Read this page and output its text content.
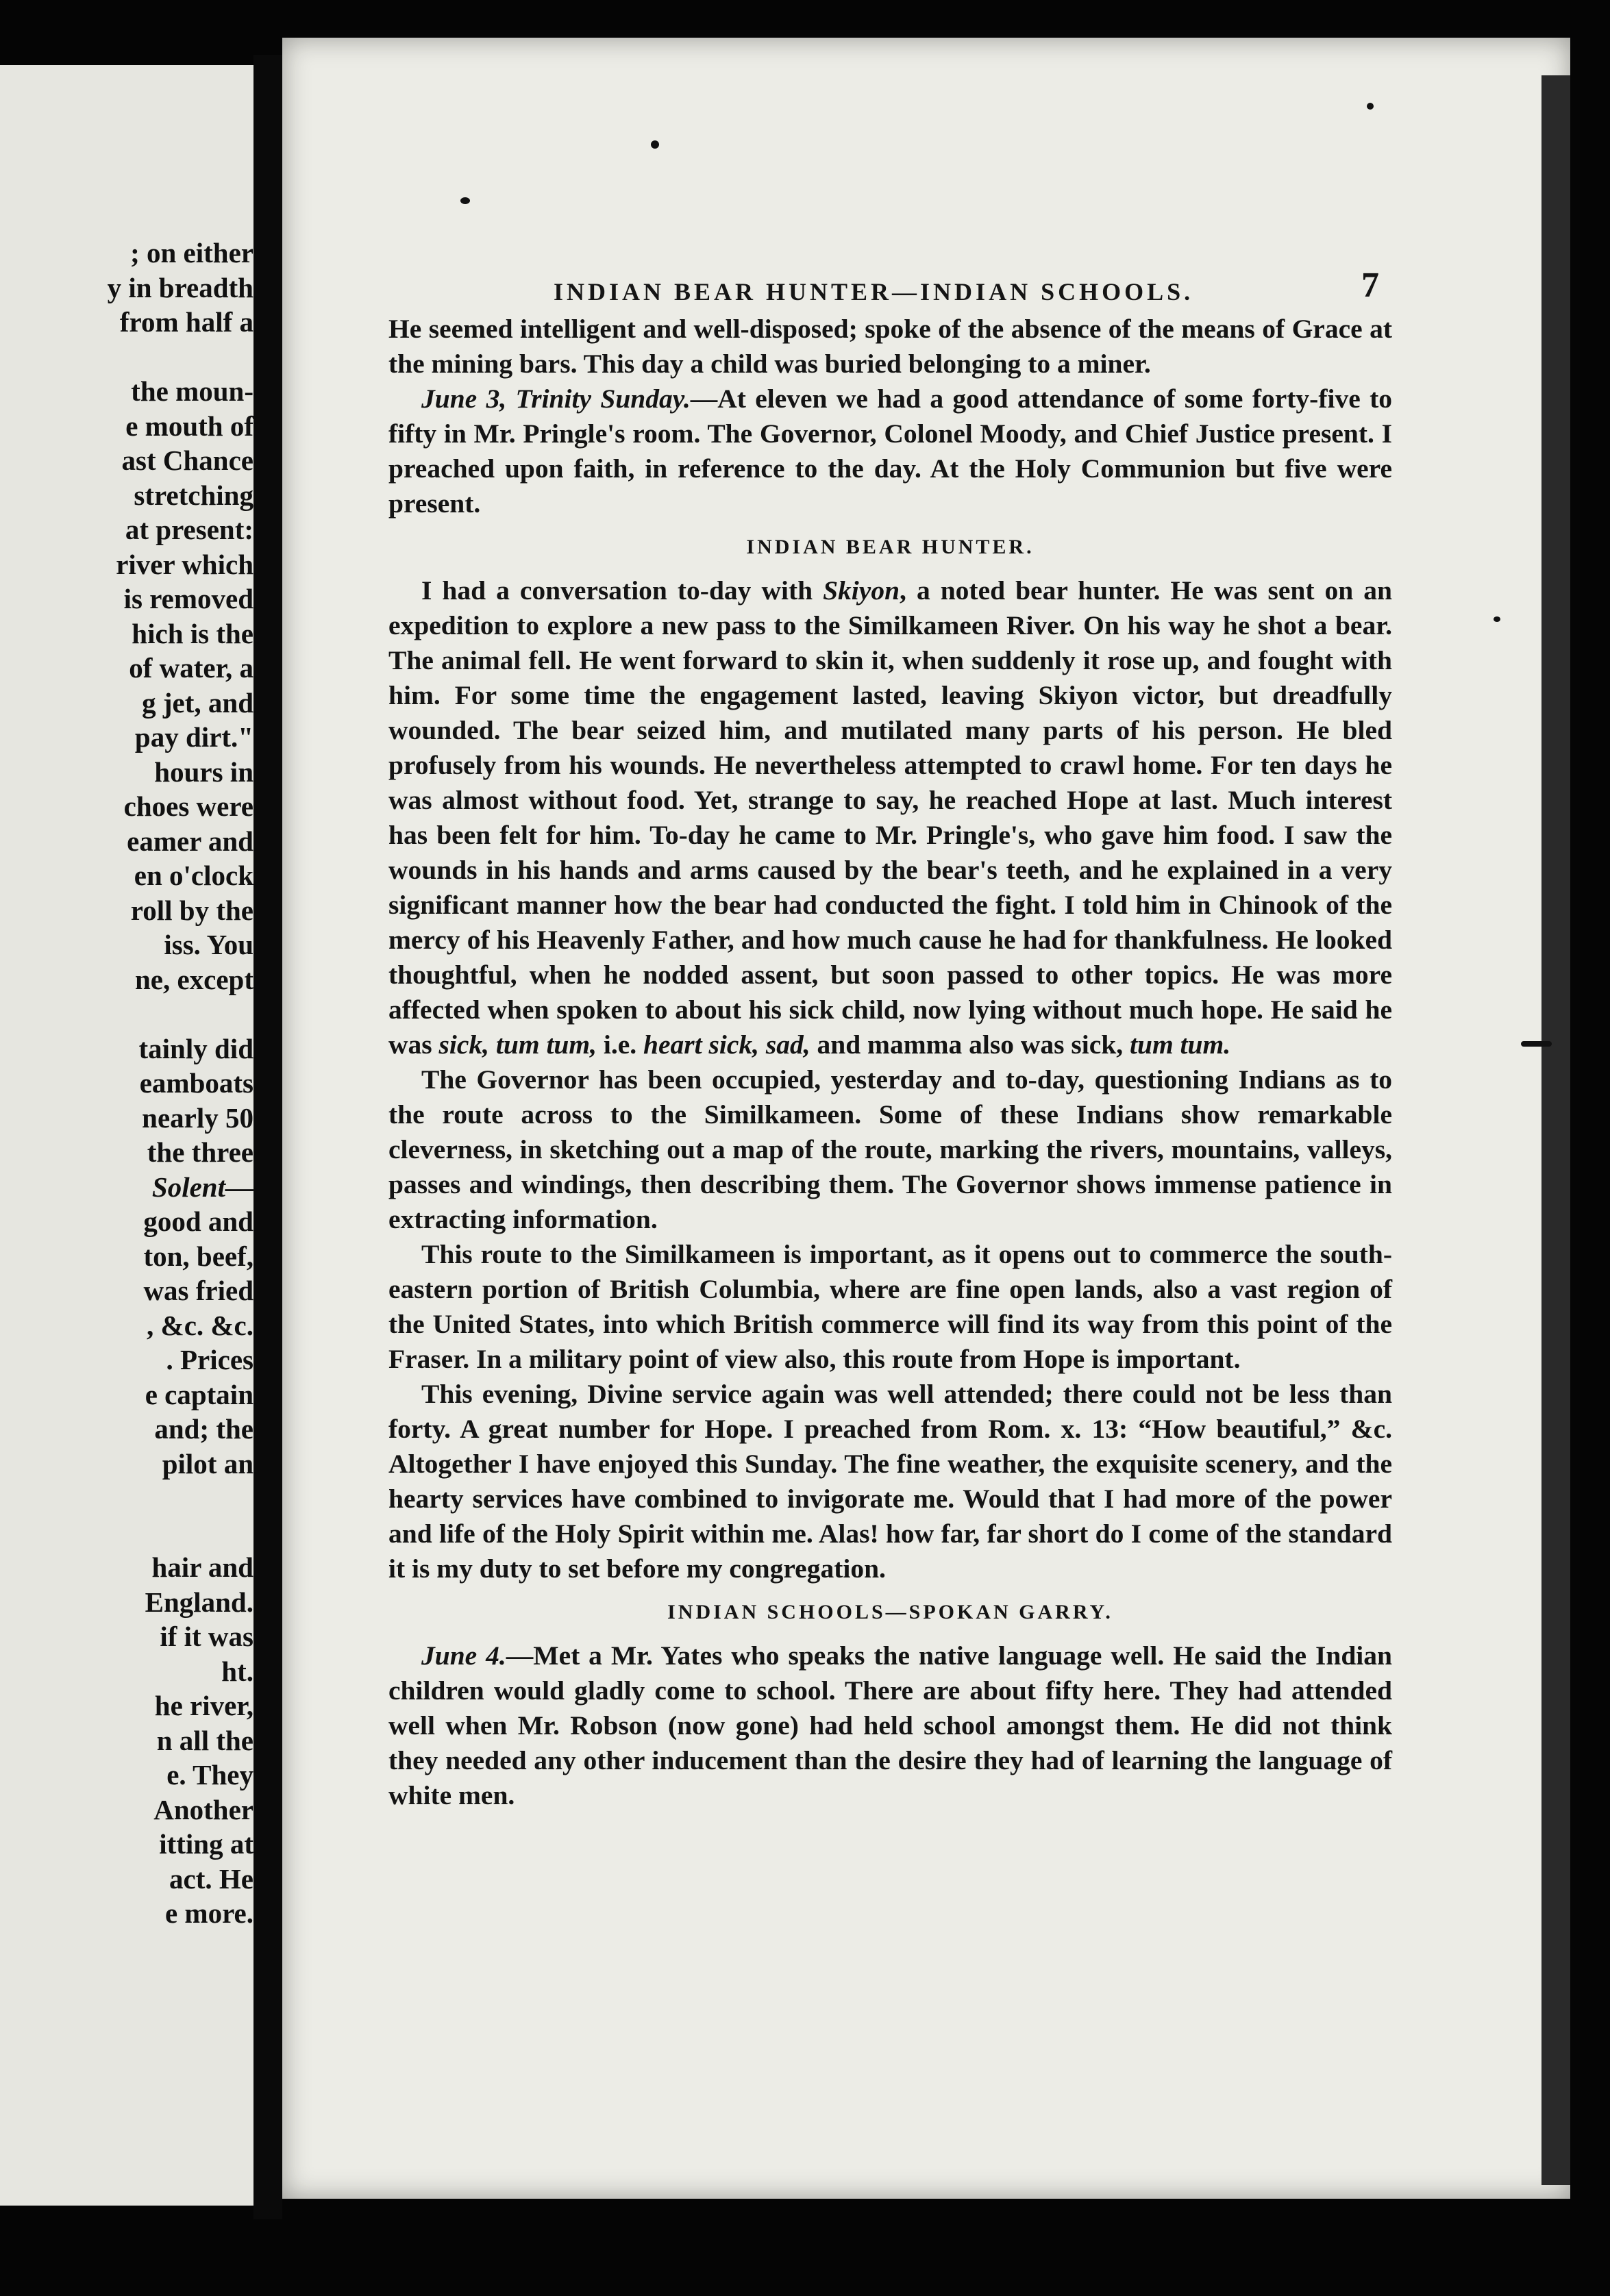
; on either
y in breadth
from half a
the moun-
e mouth of
ast Chance
stretching
at present:
river which
is removed
hich is the
of water, a
g jet, and
pay dirt."
hours in
choes were
eamer and
en o'clock
roll by the
iss. You
ne, except
tainly did
eamboats
nearly 50
the three
Solent—
good and
ton, beef,
was fried
, &c. &c.
. Prices
e captain
and; the
pilot an
hair and
England.
if it was
ht.
he river,
n all the
e. They
Another
itting at
act. He
e more.
INDIAN BEAR HUNTER—INDIAN SCHOOLS.	7

He seemed intelligent and well-disposed; spoke of the absence of the means of Grace at the mining bars. This day a child was buried belonging to a miner.

June 3, Trinity Sunday.—At eleven we had a good attendance of some forty-five to fifty in Mr. Pringle's room. The Governor, Colonel Moody, and Chief Justice present. I preached upon faith, in reference to the day. At the Holy Communion but five were present.

INDIAN BEAR HUNTER.

I had a conversation to-day with Skiyon, a noted bear hunter. He was sent on an expedition to explore a new pass to the Similkameen River. On his way he shot a bear. The animal fell. He went forward to skin it, when suddenly it rose up, and fought with him. For some time the engagement lasted, leaving Skiyon victor, but dreadfully wounded. The bear seized him, and mutilated many parts of his person. He bled profusely from his wounds. He nevertheless attempted to crawl home. For ten days he was almost without food. Yet, strange to say, he reached Hope at last. Much interest has been felt for him. To-day he came to Mr. Pringle's, who gave him food. I saw the wounds in his hands and arms caused by the bear's teeth, and he explained in a very significant manner how the bear had conducted the fight. I told him in Chinook of the mercy of his Heavenly Father, and how much cause he had for thankfulness. He looked thoughtful, when he nodded assent, but soon passed to other topics. He was more affected when spoken to about his sick child, now lying without much hope. He said he was sick, tum tum, i.e. heart sick, sad, and mamma also was sick, tum tum.

The Governor has been occupied, yesterday and to-day, questioning Indians as to the route across to the Similkameen. Some of these Indians show remarkable cleverness, in sketching out a map of the route, marking the rivers, mountains, valleys, passes and windings, then describing them. The Governor shows immense patience in extracting information.

This route to the Similkameen is important, as it opens out to commerce the south-eastern portion of British Columbia, where are fine open lands, also a vast region of the United States, into which British commerce will find its way from this point of the Fraser. In a military point of view also, this route from Hope is important.

This evening, Divine service again was well attended; there could not be less than forty. A great number for Hope. I preached from Rom. x. 13: “How beautiful,” &c. Altogether I have enjoyed this Sunday. The fine weather, the exquisite scenery, and the hearty services have combined to invigorate me. Would that I had more of the power and life of the Holy Spirit within me. Alas! how far, far short do I come of the standard it is my duty to set before my congregation.

INDIAN SCHOOLS—SPOKAN GARRY.

June 4.—Met a Mr. Yates who speaks the native language well. He said the Indian children would gladly come to school. There are about fifty here. They had attended well when Mr. Robson (now gone) had held school amongst them. He did not think they needed any other inducement than the desire they had of learning the language of white men.
